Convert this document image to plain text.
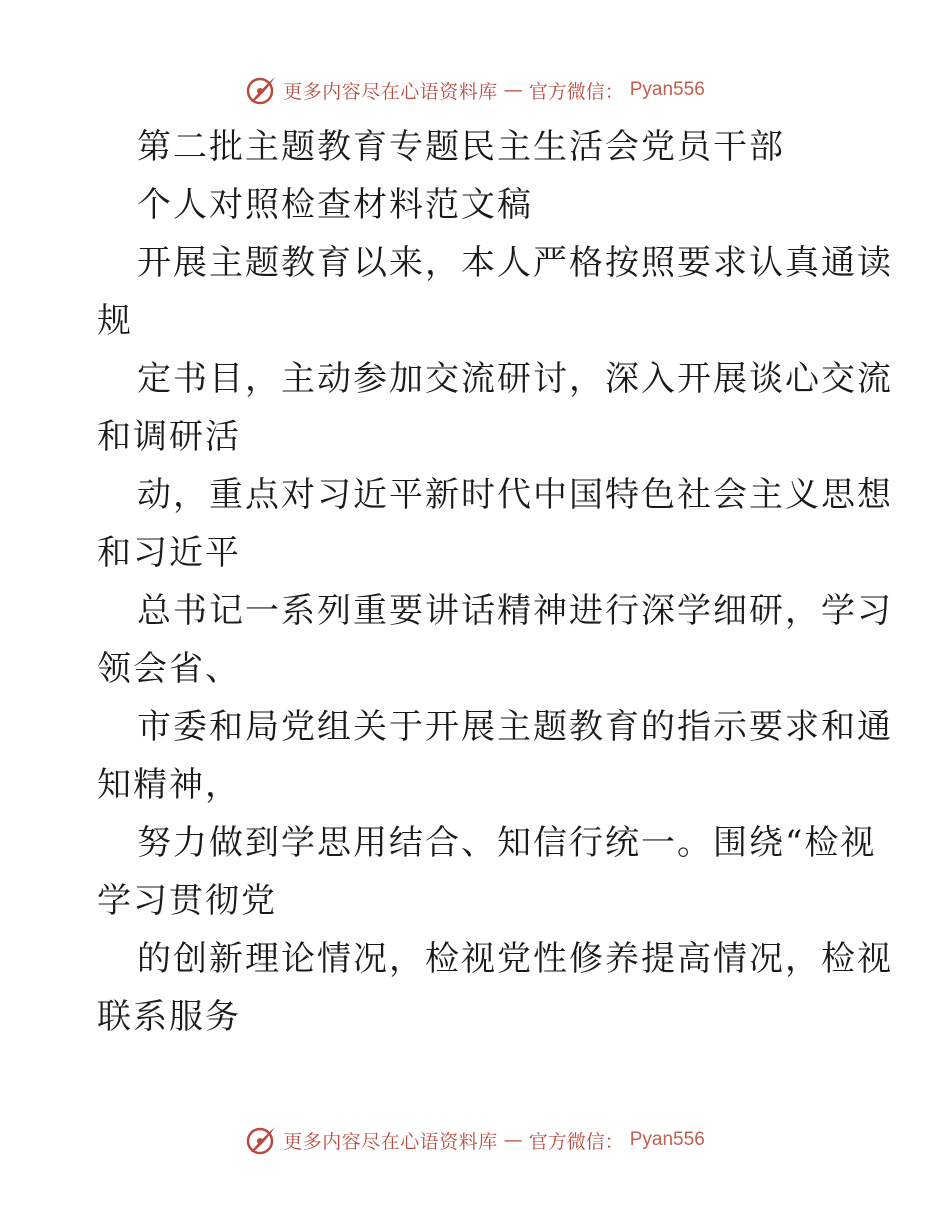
更多内容尽在心语资料库 — 官方微信： Pyan556
第二批主题教育专题民主生活会党员干部
个人对照检查材料范文稿
开展主题教育以来，本人严格按照要求认真通读
规
定书目，主动参加交流研讨，深入开展谈心交流
和调研活
动，重点对习近平新时代中国特色社会主义思想
和习近平
总书记一系列重要讲话精神进行深学细研，学习
领会省、
市委和局党组关于开展主题教育的指示要求和通
知精神，
努力做到学思用结合、知信行统一。围绕“检视
学习贯彻党
的创新理论情况，检视党性修养提高情况，检视
联系服务
更多内容尽在心语资料库 — 官方微信： Pyan556
